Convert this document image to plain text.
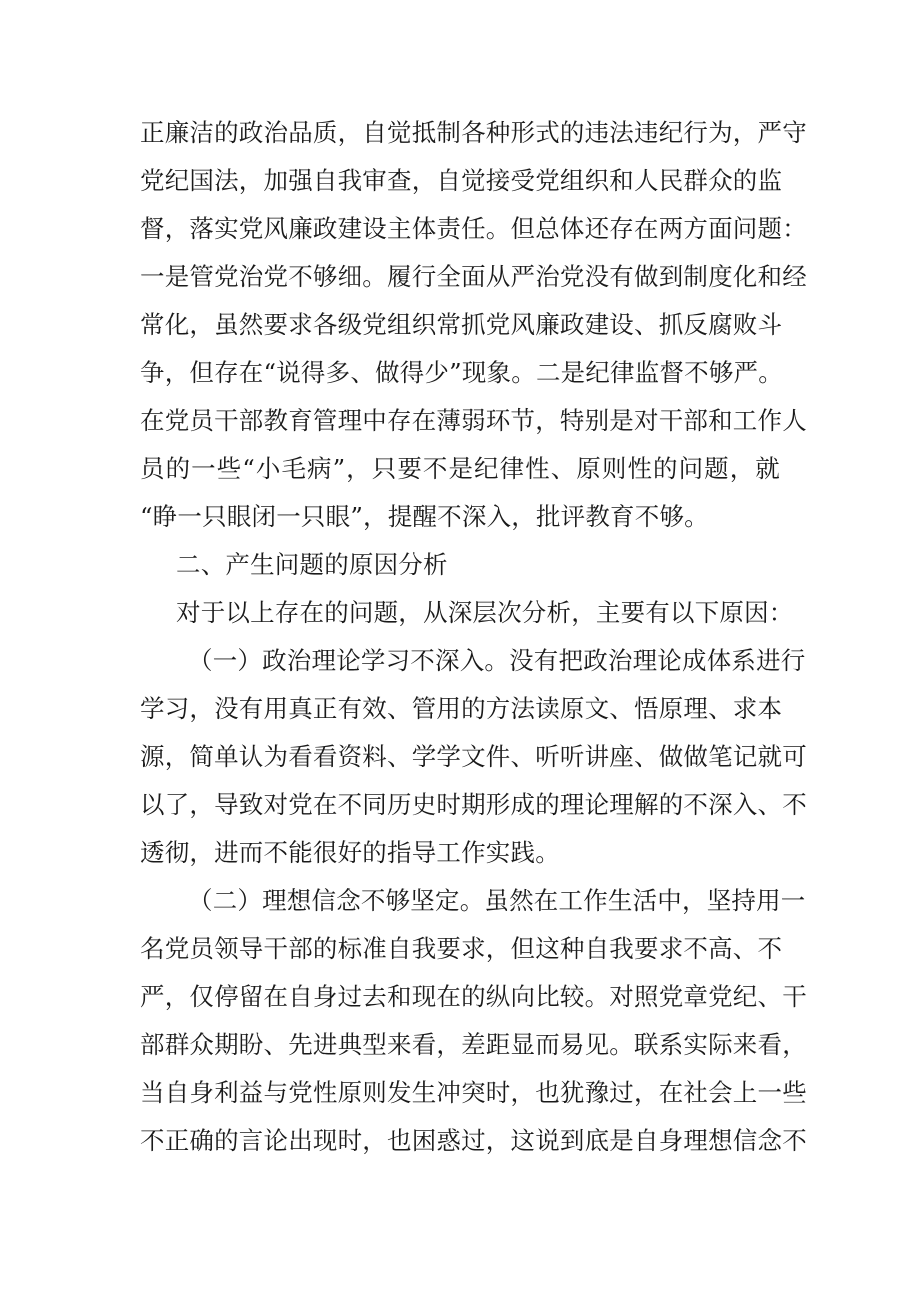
正廉洁的政治品质，自觉抵制各种形式的违法违纪行为，严守
党纪国法，加强自我审查，自觉接受党组织和人民群众的监
督，落实党风廉政建设主体责任。但总体还存在两方面问题：
一是管党治党不够细。履行全面从严治党没有做到制度化和经
常化，虽然要求各级党组织常抓党风廉政建设、抓反腐败斗
争，但存在“说得多、做得少”现象。二是纪律监督不够严。
在党员干部教育管理中存在薄弱环节，特别是对干部和工作人
员的一些“小毛病”，只要不是纪律性、原则性的问题，就
“睁一只眼闭一只眼”，提醒不深入，批评教育不够。
二、产生问题的原因分析
对于以上存在的问题，从深层次分析，主要有以下原因：
（一）政治理论学习不深入。没有把政治理论成体系进行
学习，没有用真正有效、管用的方法读原文、悟原理、求本
源，简单认为看看资料、学学文件、听听讲座、做做笔记就可
以了，导致对党在不同历史时期形成的理论理解的不深入、不
透彻，进而不能很好的指导工作实践。
（二）理想信念不够坚定。虽然在工作生活中，坚持用一
名党员领导干部的标准自我要求，但这种自我要求不高、不
严，仅停留在自身过去和现在的纵向比较。对照党章党纪、干
部群众期盼、先进典型来看，差距显而易见。联系实际来看，
当自身利益与党性原则发生冲突时，也犹豫过，在社会上一些
不正确的言论出现时，也困惑过，这说到底是自身理想信念不
